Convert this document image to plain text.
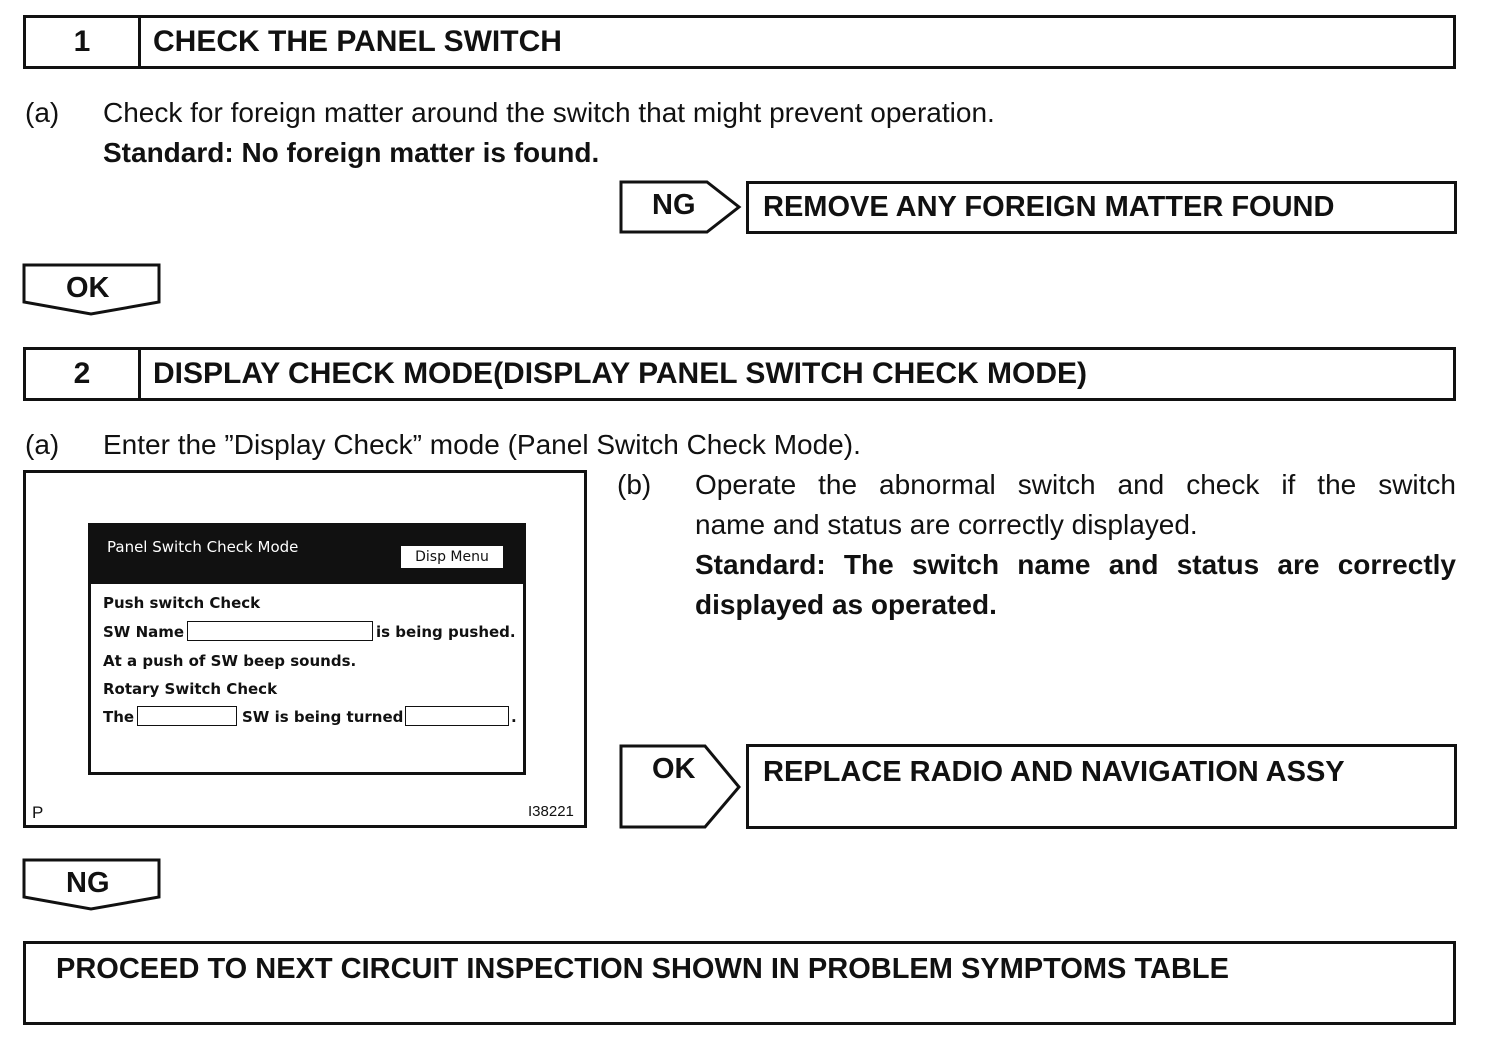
1	CHECK THE PANEL SWITCH
(a) Check for foreign matter around the switch that might prevent operation.
Standard: No foreign matter is found.
NG	REMOVE ANY FOREIGN MATTER FOUND
OK
2	DISPLAY CHECK MODE(DISPLAY PANEL SWITCH CHECK MODE)
(a) Enter the ”Display Check” mode (Panel Switch Check Mode).
Panel Switch Check Mode
Disp Menu
Push switch Check
SW Name	is being pushed.
At a push of SW beep sounds.
Rotary Switch Check
The	SW is being turned	.
P	I38221
(b) Operate the abnormal switch and check if the switch
name and status are correctly displayed.
Standard: The switch name and status are correctly
displayed as operated.
OK	REPLACE RADIO AND NAVIGATION ASSY
NG
PROCEED TO NEXT CIRCUIT INSPECTION SHOWN IN PROBLEM SYMPTOMS TABLE
